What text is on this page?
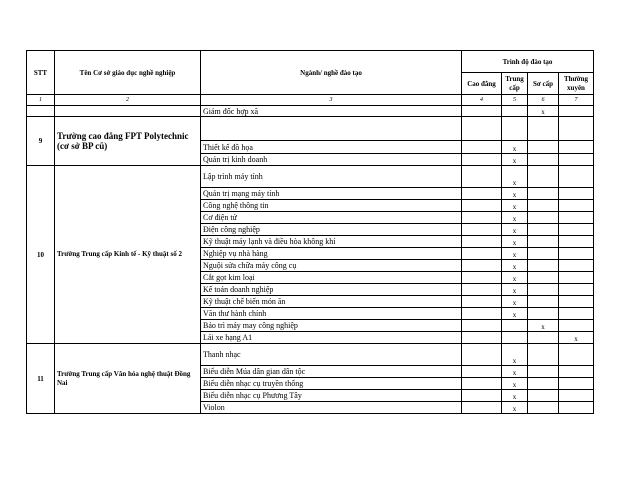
STT	Tên Cơ sở giáo dục nghề nghiệp	Ngành/ nghề đào tạo	Trình độ đào tạo			
			Cao đẳng	Trung cấp	Sơ cấp	Thường xuyên
1	2	3	4	5	6	7
		Giám đốc hợp xã			x	
9	Trường cao đẳng FPT Polytechnic (cơ sở BP cũ)					
		Thiết kế đồ họa		x		
		Quản trị kinh doanh		x		
10	Trường Trung cấp Kinh tế - Kỹ thuật số 2	Lập trình máy tính		x		
		Quản trị mạng máy tính		x		
		Công nghệ thông tin		x		
		Cơ điện tử		x		
		Điện công nghiệp		x		
		Kỹ thuật máy lạnh và điều hòa không khí		x		
		Nghiệp vụ nhà hàng		x		
		Nguội sửa chữa máy công cụ		x		
		Cắt gọt kim loại		x		
		Kế toán doanh nghiệp		x		
		Kỹ thuật chế biến món ăn		x		
		Văn thư hành chính		x		
		Bảo trì máy may công nghiệp			x	
		Lái xe hạng A1				x
11	Trường Trung cấp Văn hóa nghệ thuật Đồng Nai	Thanh nhạc		x		
		Biểu diễn Múa dân gian dân tộc		x		
		Biểu diễn nhạc cụ truyền thống		x		
		Biểu diễn nhạc cụ Phương Tây		x		
		Violon		x		
